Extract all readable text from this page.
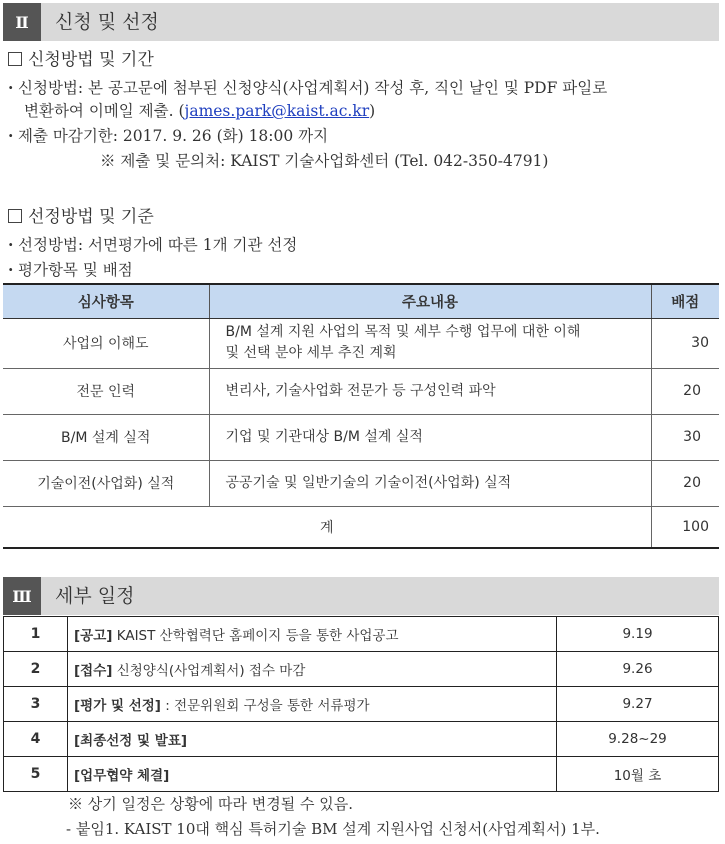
Ⅱ	신청 및 선정
신청방법 및 기간
· 신청방법: 본 공고문에 첨부된 신청양식(사업계획서) 작성 후, 직인 날인 및 PDF 파일로
변환하여 이메일 제출. (james.park@kaist.ac.kr)
· 제출 마감기한: 2017. 9. 26 (화) 18:00 까지
※ 제출 및 문의처: KAIST 기술사업화센터 (Tel. 042-350-4791)
선정방법 및 기준
· 선정방법: 서면평가에 따른 1개 기관 선정
· 평가항목 및 배점
심사항목	주요내용	배점
사업의 이해도	B/M 설계 지원 사업의 목적 및 세부 수행 업무에 대한 이해
및 선택 분야 세부 추진 계획	30
전문 인력	변리사, 기술사업화 전문가 등 구성인력 파악	20
B/M 설계 실적	기업 및 기관대상 B/M 설계 실적	30
기술이전(사업화) 실적	공공기술 및 일반기술의 기술이전(사업화) 실적	20
계		100
Ⅲ	세부 일정
1	[공고] KAIST 산학협력단 홈페이지 등을 통한 사업공고	9.19
2	[접수] 신청양식(사업계획서) 접수 마감	9.26
3	[평가 및 선정] : 전문위원회 구성을 통한 서류평가	9.27
4	[최종선정 및 발표]	9.28~29
5	[업무협약 체결]	10월 초
※ 상기 일정은 상황에 따라 변경될 수 있음.
- 붙임1. KAIST 10대 핵심 특허기술 BM 설계 지원사업 신청서(사업계획서) 1부.
